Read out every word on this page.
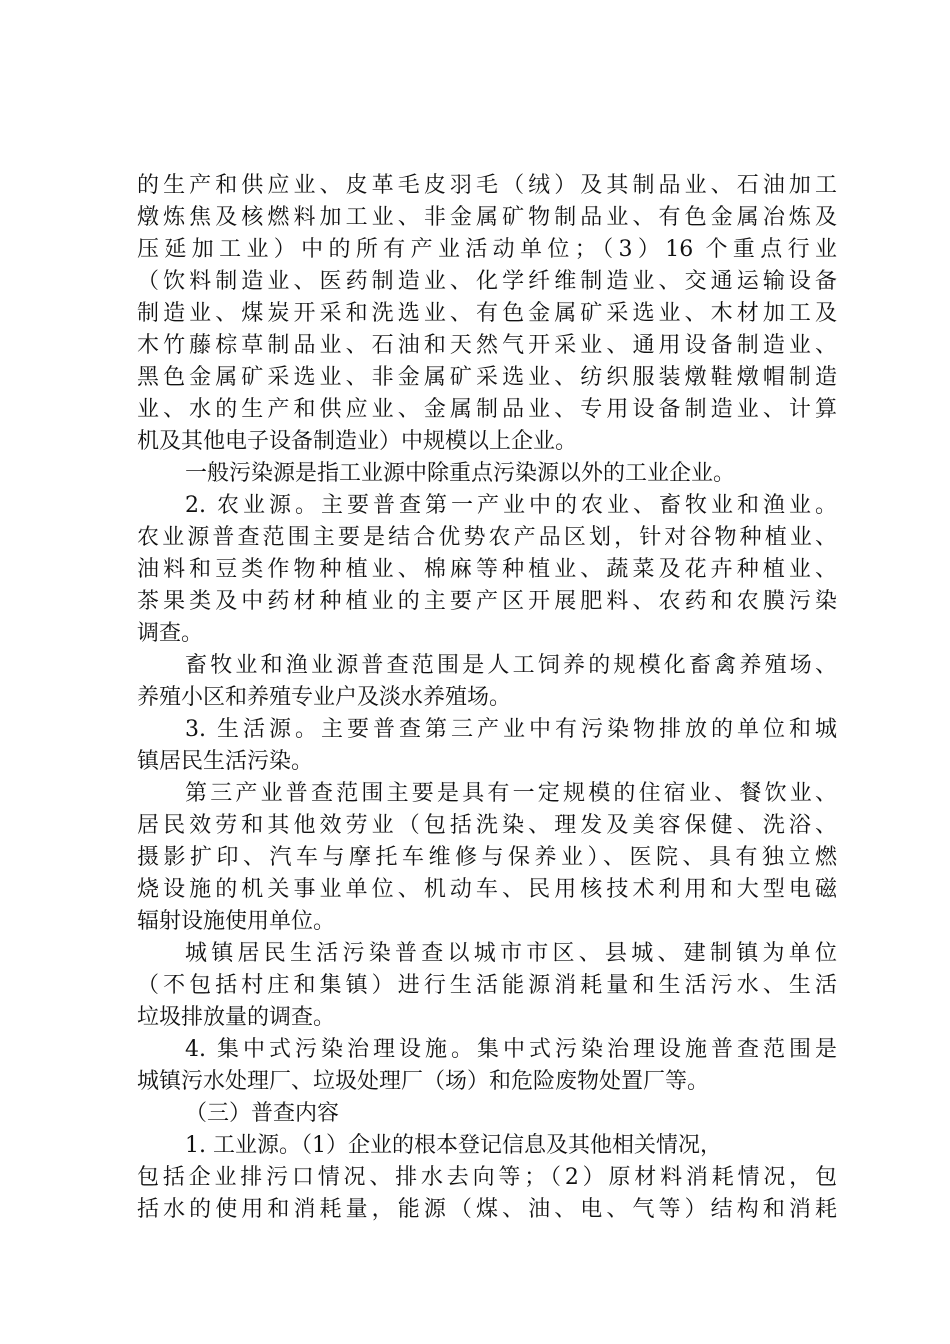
的生产和供应业、皮革毛皮羽毛（绒）及其制品业、石油加工
燉炼焦及核燃料加工业、非金属矿物制品业、有色金属冶炼及
压延加工业）中的所有产业活动单位；（3）16 个重点行业
（饮料制造业、医药制造业、化学纤维制造业、交通运输设备
制造业、煤炭开采和洗选业、有色金属矿采选业、木材加工及
木竹藤棕草制品业、石油和天然气开采业、通用设备制造业、
黑色金属矿采选业、非金属矿采选业、纺织服装燉鞋燉帽制造
业、水的生产和供应业、金属制品业、专用设备制造业、计算
机及其他电子设备制造业）中规模以上企业。
一般污染源是指工业源中除重点污染源以外的工业企业。
2. 农业源。主要普查第一产业中的农业、畜牧业和渔业。
农业源普查范围主要是结合优势农产品区划，针对谷物种植业、
油料和豆类作物种植业、棉麻等种植业、蔬菜及花卉种植业、
茶果类及中药材种植业的主要产区开展肥料、农药和农膜污染
调查。
畜牧业和渔业源普查范围是人工饲养的规模化畜禽养殖场、
养殖小区和养殖专业户及淡水养殖场。
3. 生活源。主要普查第三产业中有污染物排放的单位和城
镇居民生活污染。
第三产业普查范围主要是具有一定规模的住宿业、餐饮业、
居民效劳和其他效劳业（包括洗染、理发及美容保健、洗浴、
摄影扩印、汽车与摩托车维修与保养业）、医院、具有独立燃
烧设施的机关事业单位、机动车、民用核技术利用和大型电磁
辐射设施使用单位。
城镇居民生活污染普查以城市市区、县城、建制镇为单位
（不包括村庄和集镇）进行生活能源消耗量和生活污水、生活
垃圾排放量的调查。
4. 集中式污染治理设施。集中式污染治理设施普查范围是
城镇污水处理厂、垃圾处理厂（场）和危险废物处置厂等。
（三）普查内容
1. 工业源。（1）企业的根本登记信息及其他相关情况，
包括企业排污口情况、排水去向等；（2）原材料消耗情况，包
括水的使用和消耗量，能源（煤、油、电、气等）结构和消耗
